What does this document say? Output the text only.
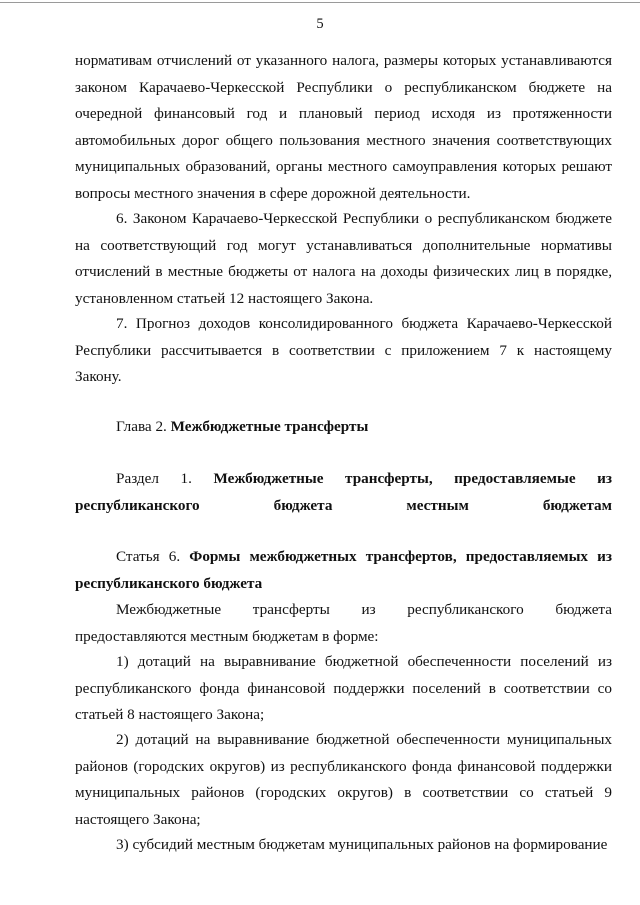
5
нормативам отчислений от указанного налога, размеры которых устанавливаются законом Карачаево-Черкесской Республики о республиканском бюджете на очередной финансовый год и плановый период исходя из протяженности автомобильных дорог общего пользования местного значения соответствующих муниципальных образований, органы местного самоуправления которых решают вопросы местного значения в сфере дорожной деятельности.
6. Законом Карачаево-Черкесской Республики о республиканском бюджете на соответствующий год могут устанавливаться дополнительные нормативы отчислений в местные бюджеты от налога на доходы физических лиц в порядке, установленном статьей 12 настоящего Закона.
7. Прогноз доходов консолидированного бюджета Карачаево-Черкесской Республики рассчитывается в соответствии с приложением 7 к настоящему Закону.
Глава 2. Межбюджетные трансферты
Раздел 1. Межбюджетные трансферты, предоставляемые из республиканского бюджета местным бюджетам
Статья 6. Формы межбюджетных трансфертов, предоставляемых из республиканского бюджета
Межбюджетные трансферты из республиканского бюджета предоставляются местным бюджетам в форме:
1) дотаций на выравнивание бюджетной обеспеченности поселений из республиканского фонда финансовой поддержки поселений в соответствии со статьей 8 настоящего Закона;
2) дотаций на выравнивание бюджетной обеспеченности муниципальных районов (городских округов) из республиканского фонда финансовой поддержки муниципальных районов (городских округов) в соответствии со статьей 9 настоящего Закона;
3) субсидий местным бюджетам муниципальных районов на формирование
